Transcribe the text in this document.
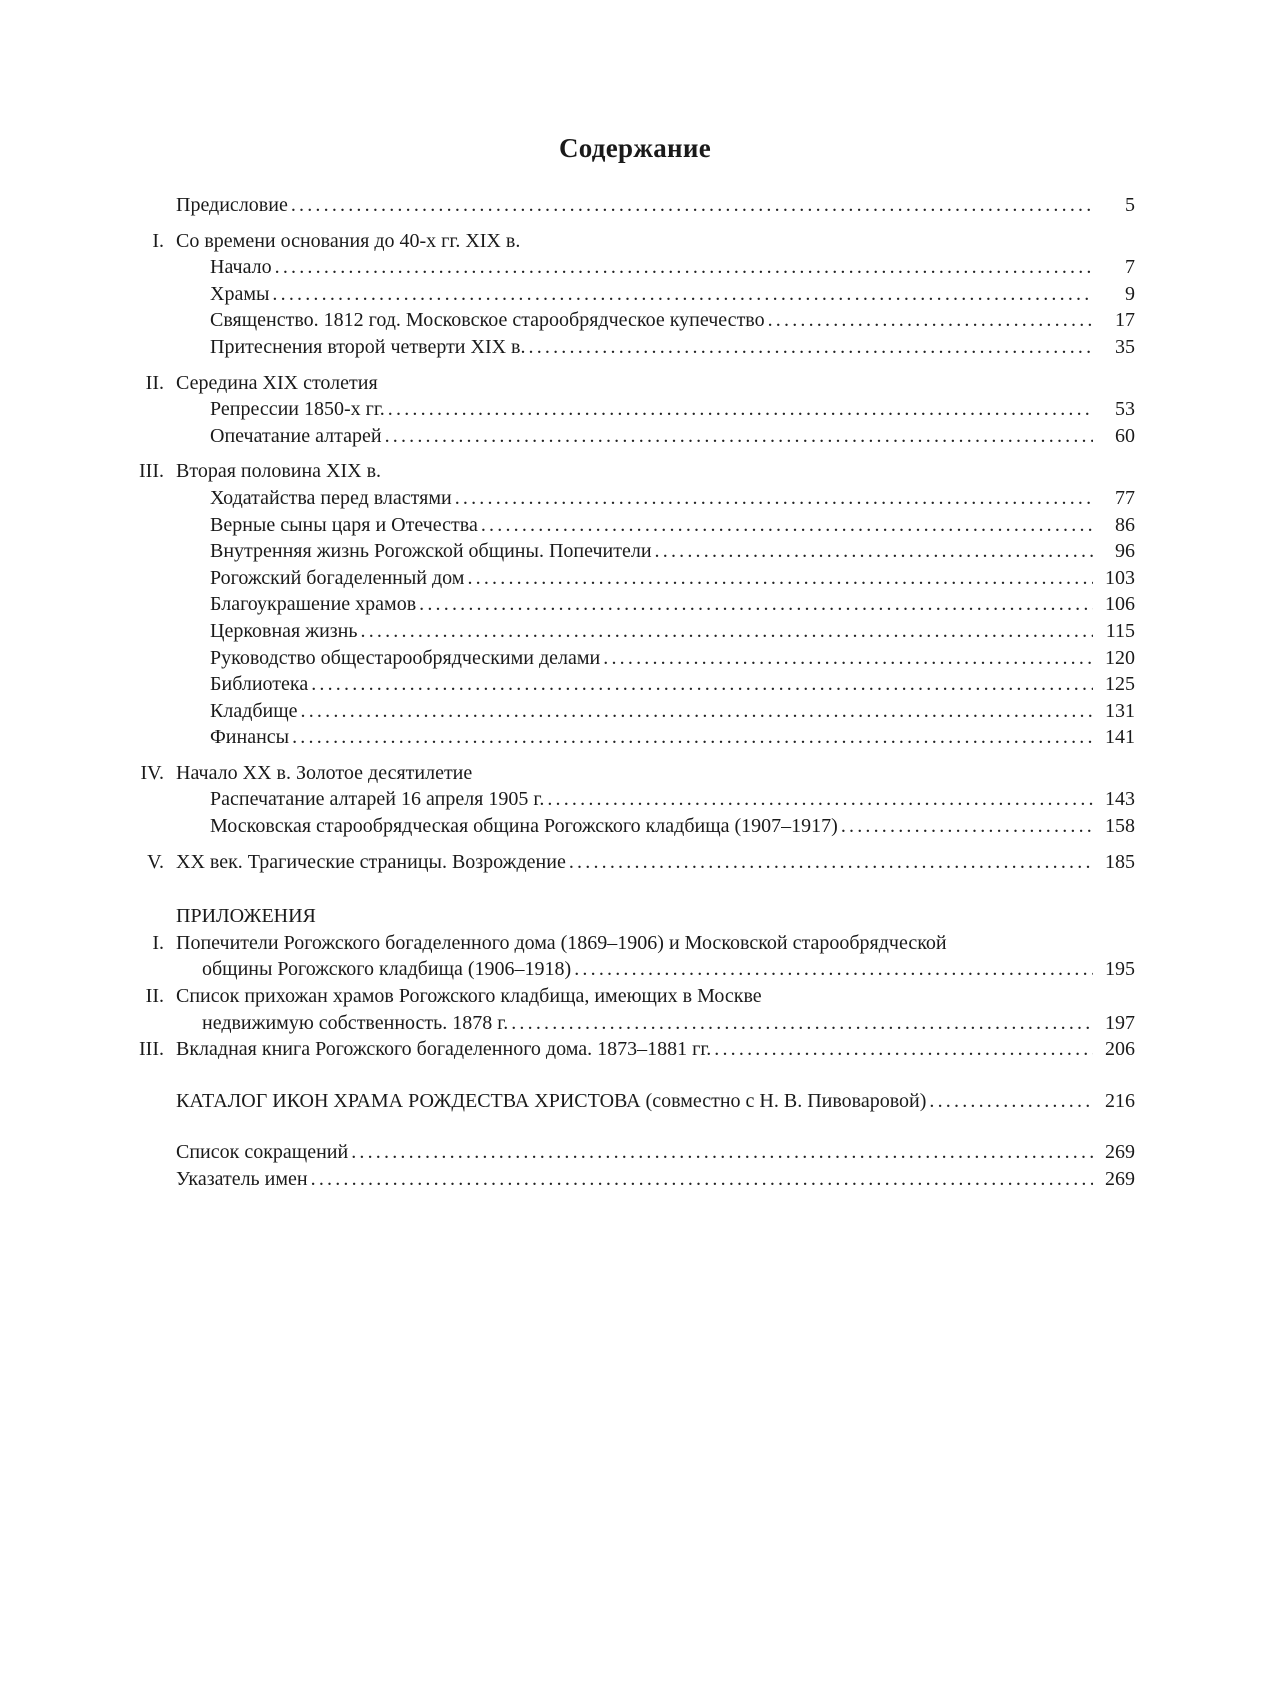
Содержание
Предисловие .....	5
I. Со времени основания до 40-х гг. XIX в.
Начало .....	7
Храмы .....	9
Священство. 1812 год. Московское старообрядческое купечество .....	17
Притеснения второй четверти XIX в. .....	35
II. Середина XIX столетия
Репрессии 1850-х гг. .....	53
Опечатание алтарей .....	60
III. Вторая половина XIX в.
Ходатайства перед властями .....	77
Верные сыны царя и Отечества .....	86
Внутренняя жизнь Рогожской общины. Попечители .....	96
Рогожский богаделенный дом .....	103
Благоукрашение храмов .....	106
Церковная жизнь .....	115
Руководство общестарообрядческими делами .....	120
Библиотека .....	125
Кладбище .....	131
Финансы .....	141
IV. Начало XX в. Золотое десятилетие
Распечатание алтарей 16 апреля 1905 г. .....	143
Московская старообрядческая община Рогожского кладбища (1907–1917) .....	158
V. XX век. Трагические страницы. Возрождение .....	185
ПРИЛОЖЕНИЯ
I. Попечители Рогожского богаделенного дома (1869–1906) и Московской старообрядческой
общины Рогожского кладбища (1906–1918) .....	195
II. Список прихожан храмов Рогожского кладбища, имеющих в Москве
недвижимую собственность. 1878 г. .....	197
III. Вкладная книга Рогожского богаделенного дома. 1873–1881 гг. .....	206
КАТАЛОГ ИКОН ХРАМА РОЖДЕСТВА ХРИСТОВА (совместно с Н. В. Пивоваровой) .....	216
Список сокращений .....	269
Указатель имен .....	269
